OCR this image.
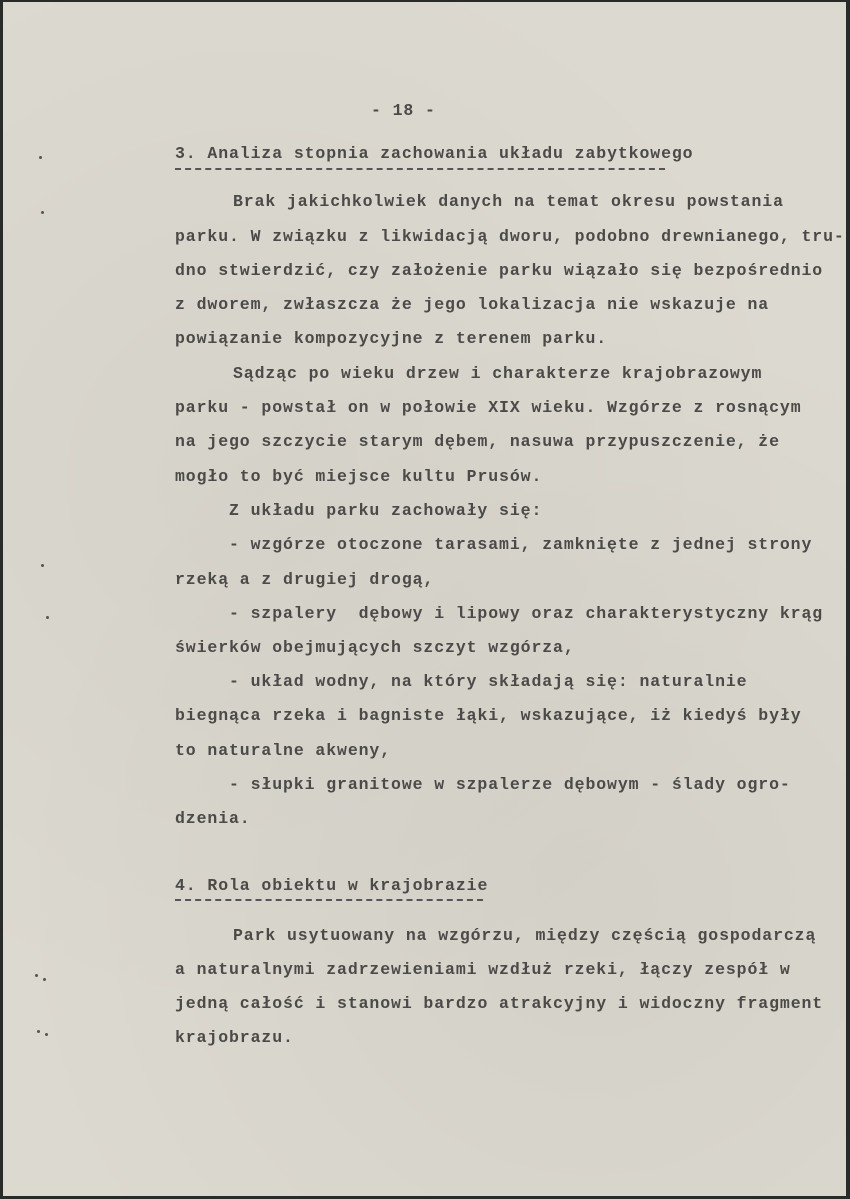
- 18 -
3. Analiza stopnia zachowania układu zabytkowego
Brak jakichkolwiek danych na temat okresu powstania
parku. W związku z likwidacją dworu, podobno drewnianego, tru-
dno stwierdzić, czy założenie parku wiązało się bezpośrednio
z dworem, zwłaszcza że jego lokalizacja nie wskazuje na
powiązanie kompozycyjne z terenem parku.
Sądząc po wieku drzew i charakterze krajobrazowym
parku - powstał on w połowie XIX wieku. Wzgórze z rosnącym
na jego szczycie starym dębem, nasuwa przypuszczenie, że
mogło to być miejsce kultu Prusów.
Z układu parku zachowały się:
- wzgórze otoczone tarasami, zamknięte z jednej strony
rzeką a z drugiej drogą,
- szpalery  dębowy i lipowy oraz charakterystyczny krąg
świerków obejmujących szczyt wzgórza,
- układ wodny, na który składają się: naturalnie
biegnąca rzeka i bagniste łąki, wskazujące, iż kiedyś były
to naturalne akweny,
- słupki granitowe w szpalerze dębowym - ślady ogro-
dzenia.
4. Rola obiektu w krajobrazie
Park usytuowany na wzgórzu, między częścią gospodarczą
a naturalnymi zadrzewieniami wzdłuż rzeki, łączy zespół w
jedną całość i stanowi bardzo atrakcyjny i widoczny fragment
krajobrazu.
